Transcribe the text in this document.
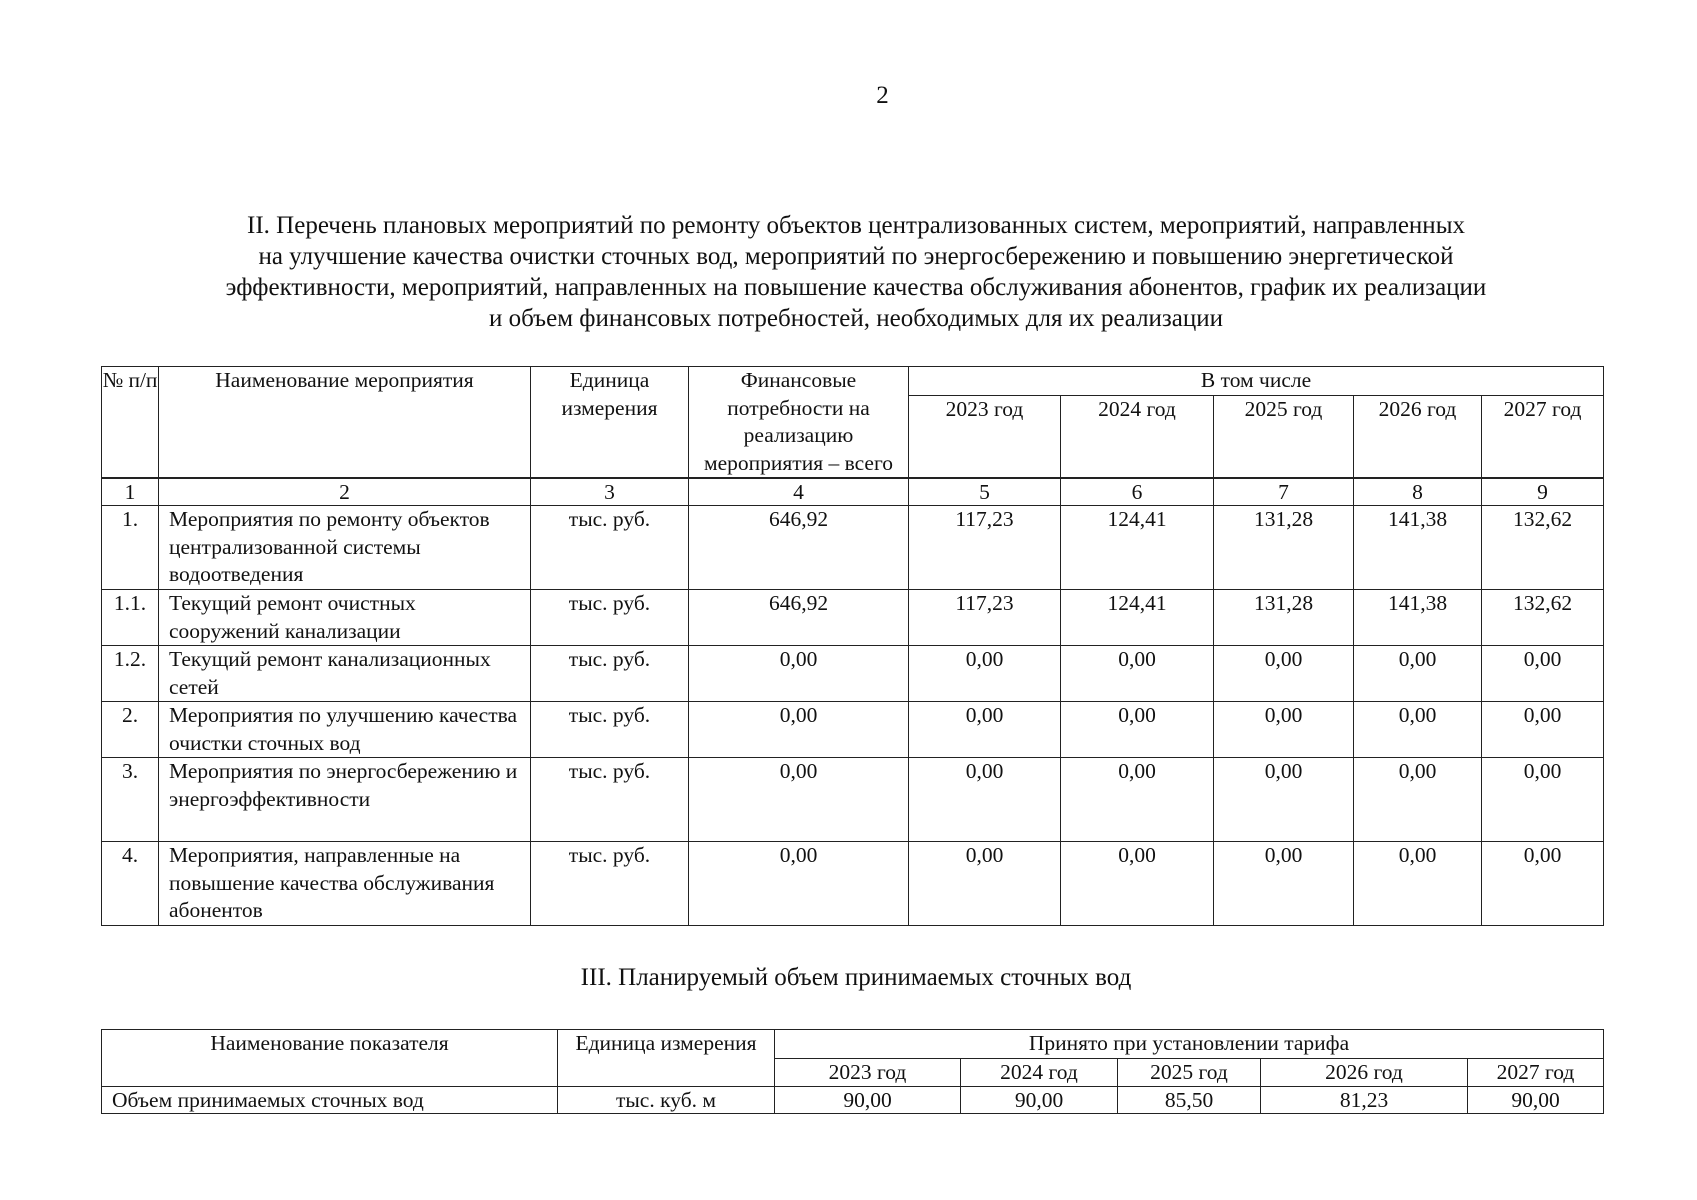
2
II. Перечень плановых мероприятий по ремонту объектов централизованных систем, мероприятий, направленных
на улучшение качества очистки сточных вод, мероприятий по энергосбережению и повышению энергетической
эффективности, мероприятий, направленных на повышение качества обслуживания абонентов, график их реализации
и объем финансовых потребностей, необходимых для их реализации
№ п/п	Наименование мероприятия	Единица измерения	Финансовые потребности на реализацию мероприятия – всего	В том числе				
				2023 год	2024 год	2025 год	2026 год	2027 год
1	2	3	4	5	6	7	8	9
1.	Мероприятия по ремонту объектов централизованной системы водоотведения	тыс. руб.	646,92	117,23	124,41	131,28	141,38	132,62
1.1.	Текущий ремонт очистных сооружений канализации	тыс. руб.	646,92	117,23	124,41	131,28	141,38	132,62
1.2.	Текущий ремонт канализационных сетей	тыс. руб.	0,00	0,00	0,00	0,00	0,00	0,00
2.	Мероприятия по улучшению качества очистки сточных вод	тыс. руб.	0,00	0,00	0,00	0,00	0,00	0,00
3.	Мероприятия по энергосбережению и энергоэффективности	тыс. руб.	0,00	0,00	0,00	0,00	0,00	0,00
4.	Мероприятия, направленные на повышение качества обслуживания абонентов	тыс. руб.	0,00	0,00	0,00	0,00	0,00	0,00
III. Планируемый объем принимаемых сточных вод
Наименование показателя	Единица измерения	Принято при установлении тарифа				
		2023 год	2024 год	2025 год	2026 год	2027 год
Объем принимаемых сточных вод	тыс. куб. м	90,00	90,00	85,50	81,23	90,00
